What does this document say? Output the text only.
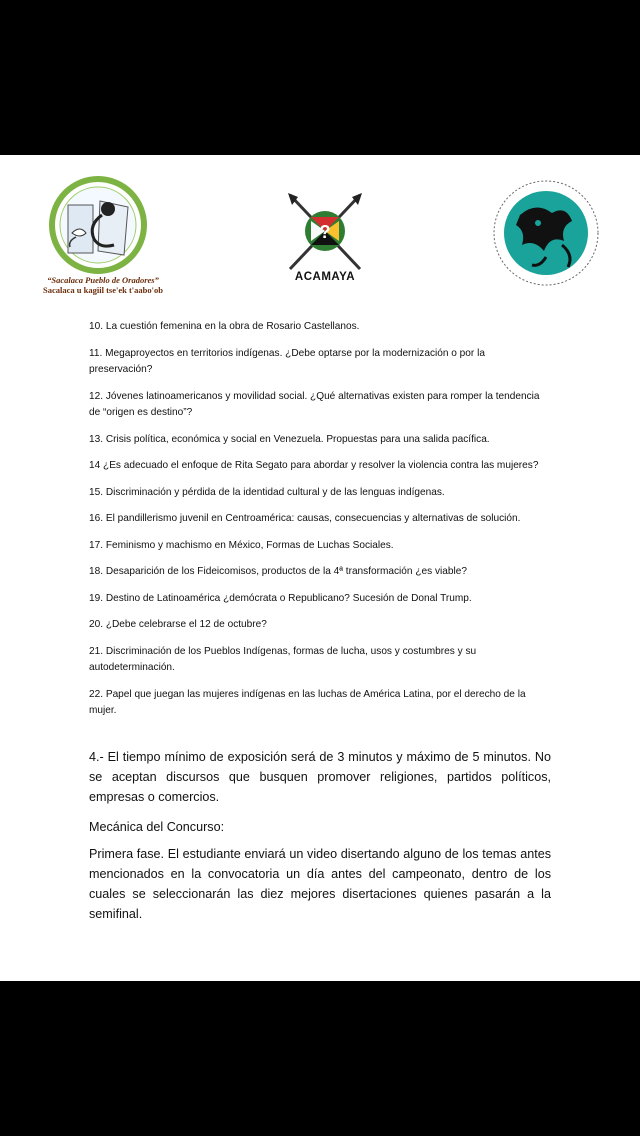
“Sacalaca Pueblo de Oradores”
Sacalaca u kagiil tse'ek t'aabo'ob
?
ACAMAYA
10. La cuestión femenina en la obra de Rosario Castellanos.
11. Megaproyectos en territorios indígenas. ¿Debe optarse por la modernización o por la preservación?
12. Jóvenes latinoamericanos y movilidad social. ¿Qué alternativas existen para romper la tendencia de “origen es destino”?
13. Crisis política, económica y social en Venezuela. Propuestas para una salida pacífica.
14 ¿Es adecuado el enfoque de Rita Segato para abordar y resolver la violencia contra las mujeres?
15. Discriminación y pérdida de la identidad cultural y de las lenguas indígenas.
16. El pandillerismo juvenil en Centroamérica: causas, consecuencias y alternativas de solución.
17. Feminismo y machismo en México, Formas de Luchas Sociales.
18. Desaparición de los Fideicomisos, productos de la 4ª transformación ¿es viable?
19. Destino de Latinoamérica ¿demócrata o Republicano? Sucesión de Donal Trump.
20. ¿Debe celebrarse el 12 de octubre?
21. Discriminación de los Pueblos Indígenas, formas de lucha, usos y costumbres y su autodeterminación.
22. Papel que juegan las mujeres indígenas en las luchas de América Latina, por el derecho de la mujer.

4.- El tiempo mínimo de exposición será de 3 minutos y máximo de 5 minutos. No se aceptan discursos que busquen promover religiones, partidos políticos, empresas o comercios.

Mecánica del Concurso:

Primera fase. El estudiante enviará un video disertando alguno de los temas antes mencionados en la convocatoria un día antes del campeonato, dentro de los cuales se seleccionarán las diez mejores disertaciones quienes pasarán a la semifinal.
